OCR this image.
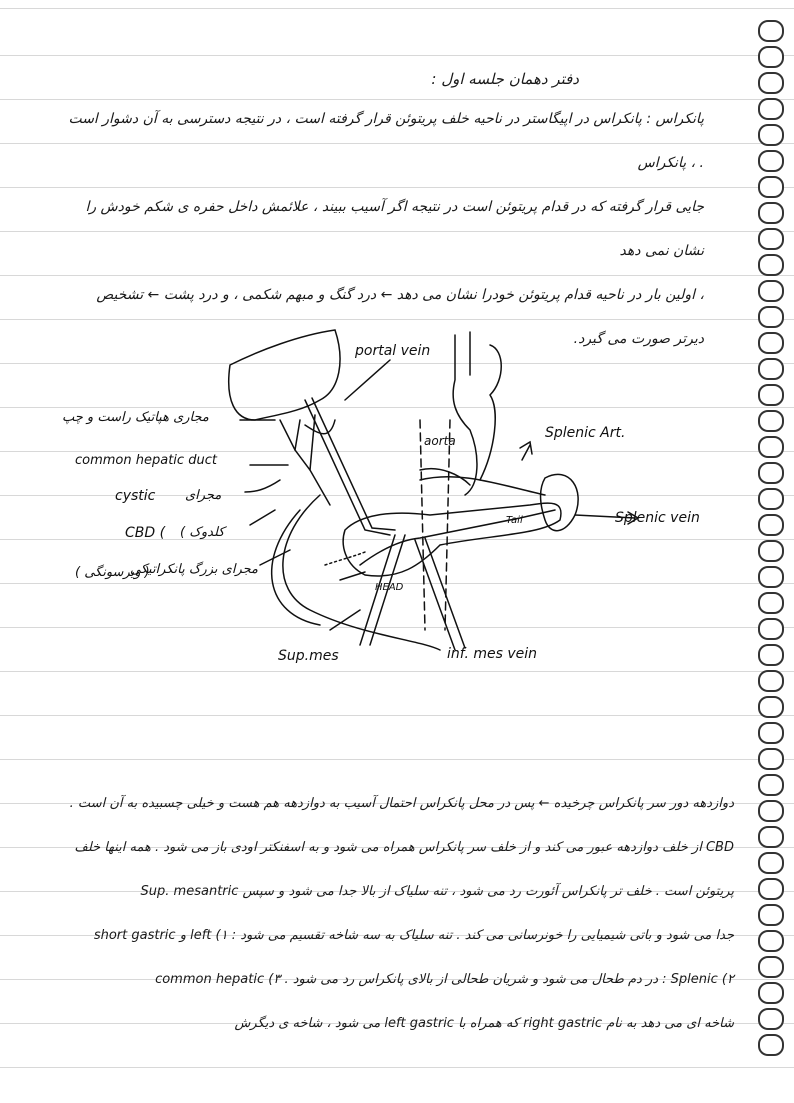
دفتر دهمان جلسه اول :
پانکراس : پانکراس در اپیگاستر در ناحیه خلف پریتوئن قرار گرفته است ، در نتیجه دسترسی به آن دشوار است . ، پانکراس
جایی قرار گرفته که در قدام پریتوئن است در نتیجه اگر آسیب ببیند ، علائمش داخل حفره ی شکم خودش را نشان نمی دهد
، اولین بار در ناحیه قدام پریتوئن خودرا نشان می دهد ← درد گنگ و مبهم شکمی ، و درد پشت ← تشخیص
دیرتر صورت می گیرد.
portal vein
مجاری هپاتیک راست و چپ
common hepatic duct
cystic مجرای
CBD ( کلدوک )
مجرای بزرگ پانکراتیکی
( ویرسونگی )
aorta	Splenic Art.
Splenic vein
Tail
HEAD
Sup.mes	inf. mes vein
دوازدهه دور سر پانکراس چرخیده ← پس در محل پانکراس احتمال آسیب به دوازدهه هم هست و خیلی چسبیده به آن است .
CBD از خلف دوازدهه عبور می کند و از خلف سر پانکراس همراه می شود و به اسفنکتر اودی باز می شود . همه اینها خلف
پریتوئن است . خلف تر پانکراس آئورت رد می شود ، تنه سلیاک از بالا جدا می شود و سپس Sup. mesantric
جدا می شود و باتی شیمیایی را خونرسانی می کند . تنه سلیاک به سه شاخه تقسیم می شود : ۱) left و short gastric
۲) Splenic : در دم طحال می شود و شریان طحالی از بالای پانکراس رد می شود . ۳) common hepatic
شاخه ای می دهد به نام right gastric که همراه با left gastric می شود ، شاخه ی دیگرش
